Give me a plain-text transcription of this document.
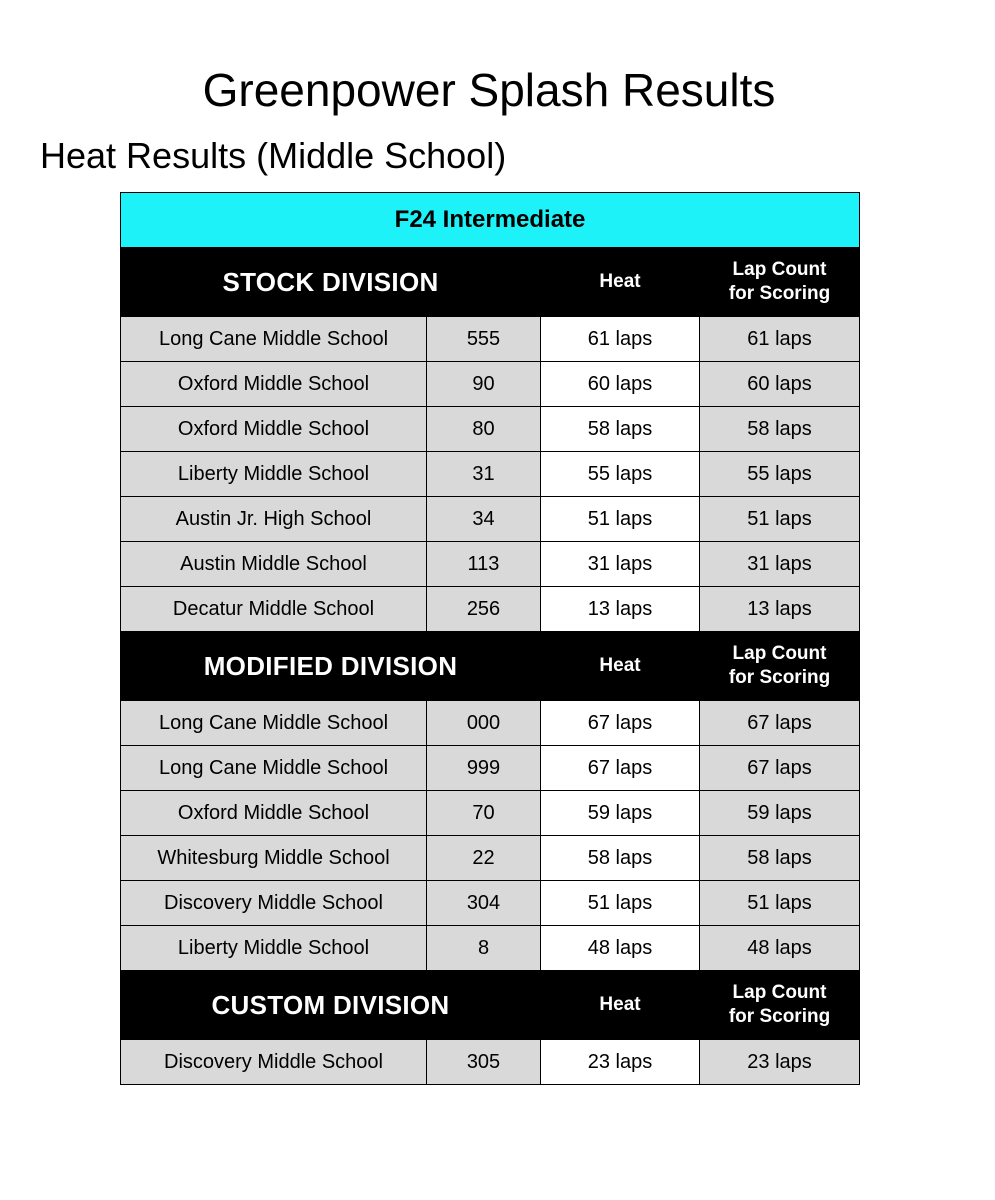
Greenpower Splash Results
Heat Results (Middle School)
F24 Intermediate			
STOCK DIVISION		Heat	Lap Count
for Scoring
Long Cane Middle School	555	61 laps	61 laps
Oxford Middle School	90	60 laps	60 laps
Oxford Middle School	80	58 laps	58 laps
Liberty Middle School	31	55 laps	55 laps
Austin Jr. High School	34	51 laps	51 laps
Austin Middle School	113	31 laps	31 laps
Decatur Middle School	256	13 laps	13 laps
MODIFIED DIVISION		Heat	Lap Count
for Scoring
Long Cane Middle School	000	67 laps	67 laps
Long Cane Middle School	999	67 laps	67 laps
Oxford Middle School	70	59 laps	59 laps
Whitesburg Middle School	22	58 laps	58 laps
Discovery Middle School	304	51 laps	51 laps
Liberty Middle School	8	48 laps	48 laps
CUSTOM DIVISION		Heat	Lap Count
for Scoring
Discovery Middle School	305	23 laps	23 laps
